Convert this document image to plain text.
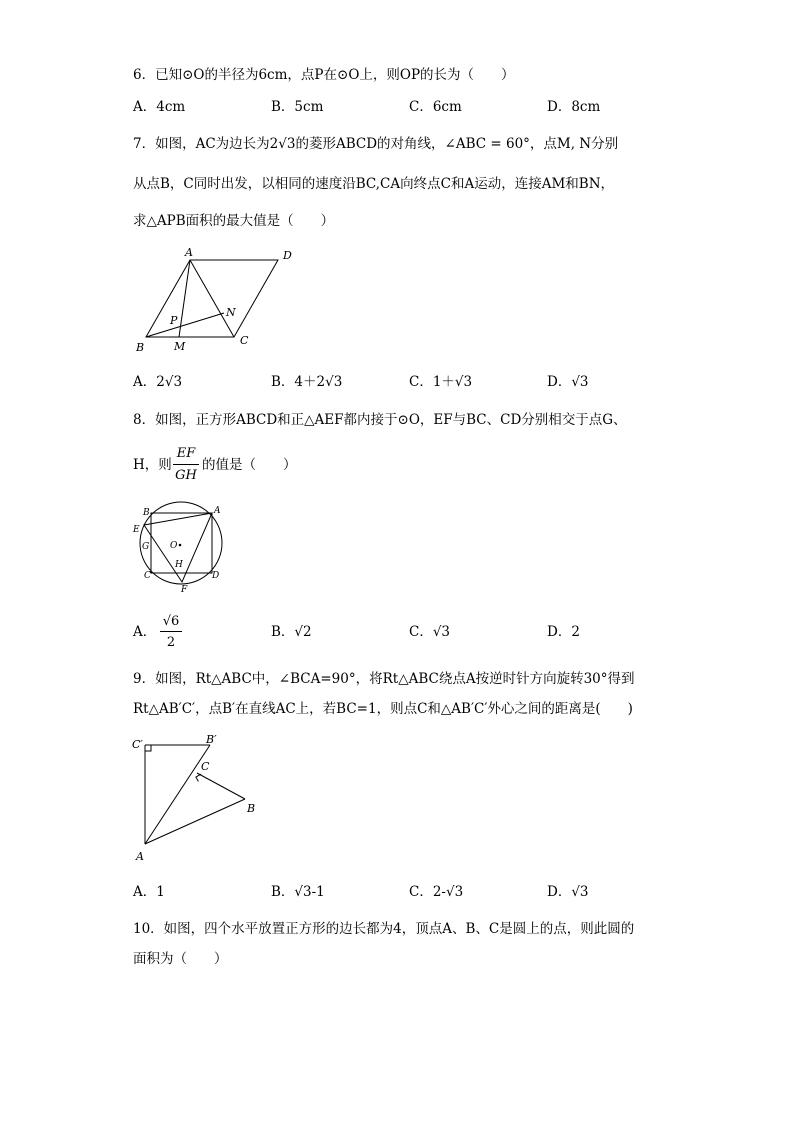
6．已知⊙O的半径为6cm，点P在⊙O上，则OP的长为（　　）
A．4cm	B．5cm	C．6cm	D．8cm
7．如图，AC为边长为2√3的菱形ABCD的对角线，∠ABC = 60°，点M, N分别
从点B，C同时出发，以相同的速度沿BC,CA向终点C和A运动，连接AM和BN，
求△APB面积的最大值是（　　）
A	D
B	M	C
N
P
A．2√3	B．4＋2√3	C．1＋√3	D．√3
8．如图，正方形ABCD和正△AEF都内接于⊙O，EF与BC、CD分别相交于点G、
H，则
EF
GH
的值是（　　）
B	A
E
G O
H
C	D
F
A．
√6
2
B．√2	C．√3	D．2
9．如图，Rt△ABC中，∠BCA=90°，将Rt△ABC绕点A按逆时针方向旋转30°得到
Rt△AB′C′，点B′在直线AC上，若BC=1，则点C和△AB′C′外心之间的距离是(　　)
C′	B′
C
B
A
A．1	B．√3-1	C．2-√3	D．√3
10．如图，四个水平放置正方形的边长都为4，顶点A、B、C是圆上的点，则此圆的
面积为（　　）
